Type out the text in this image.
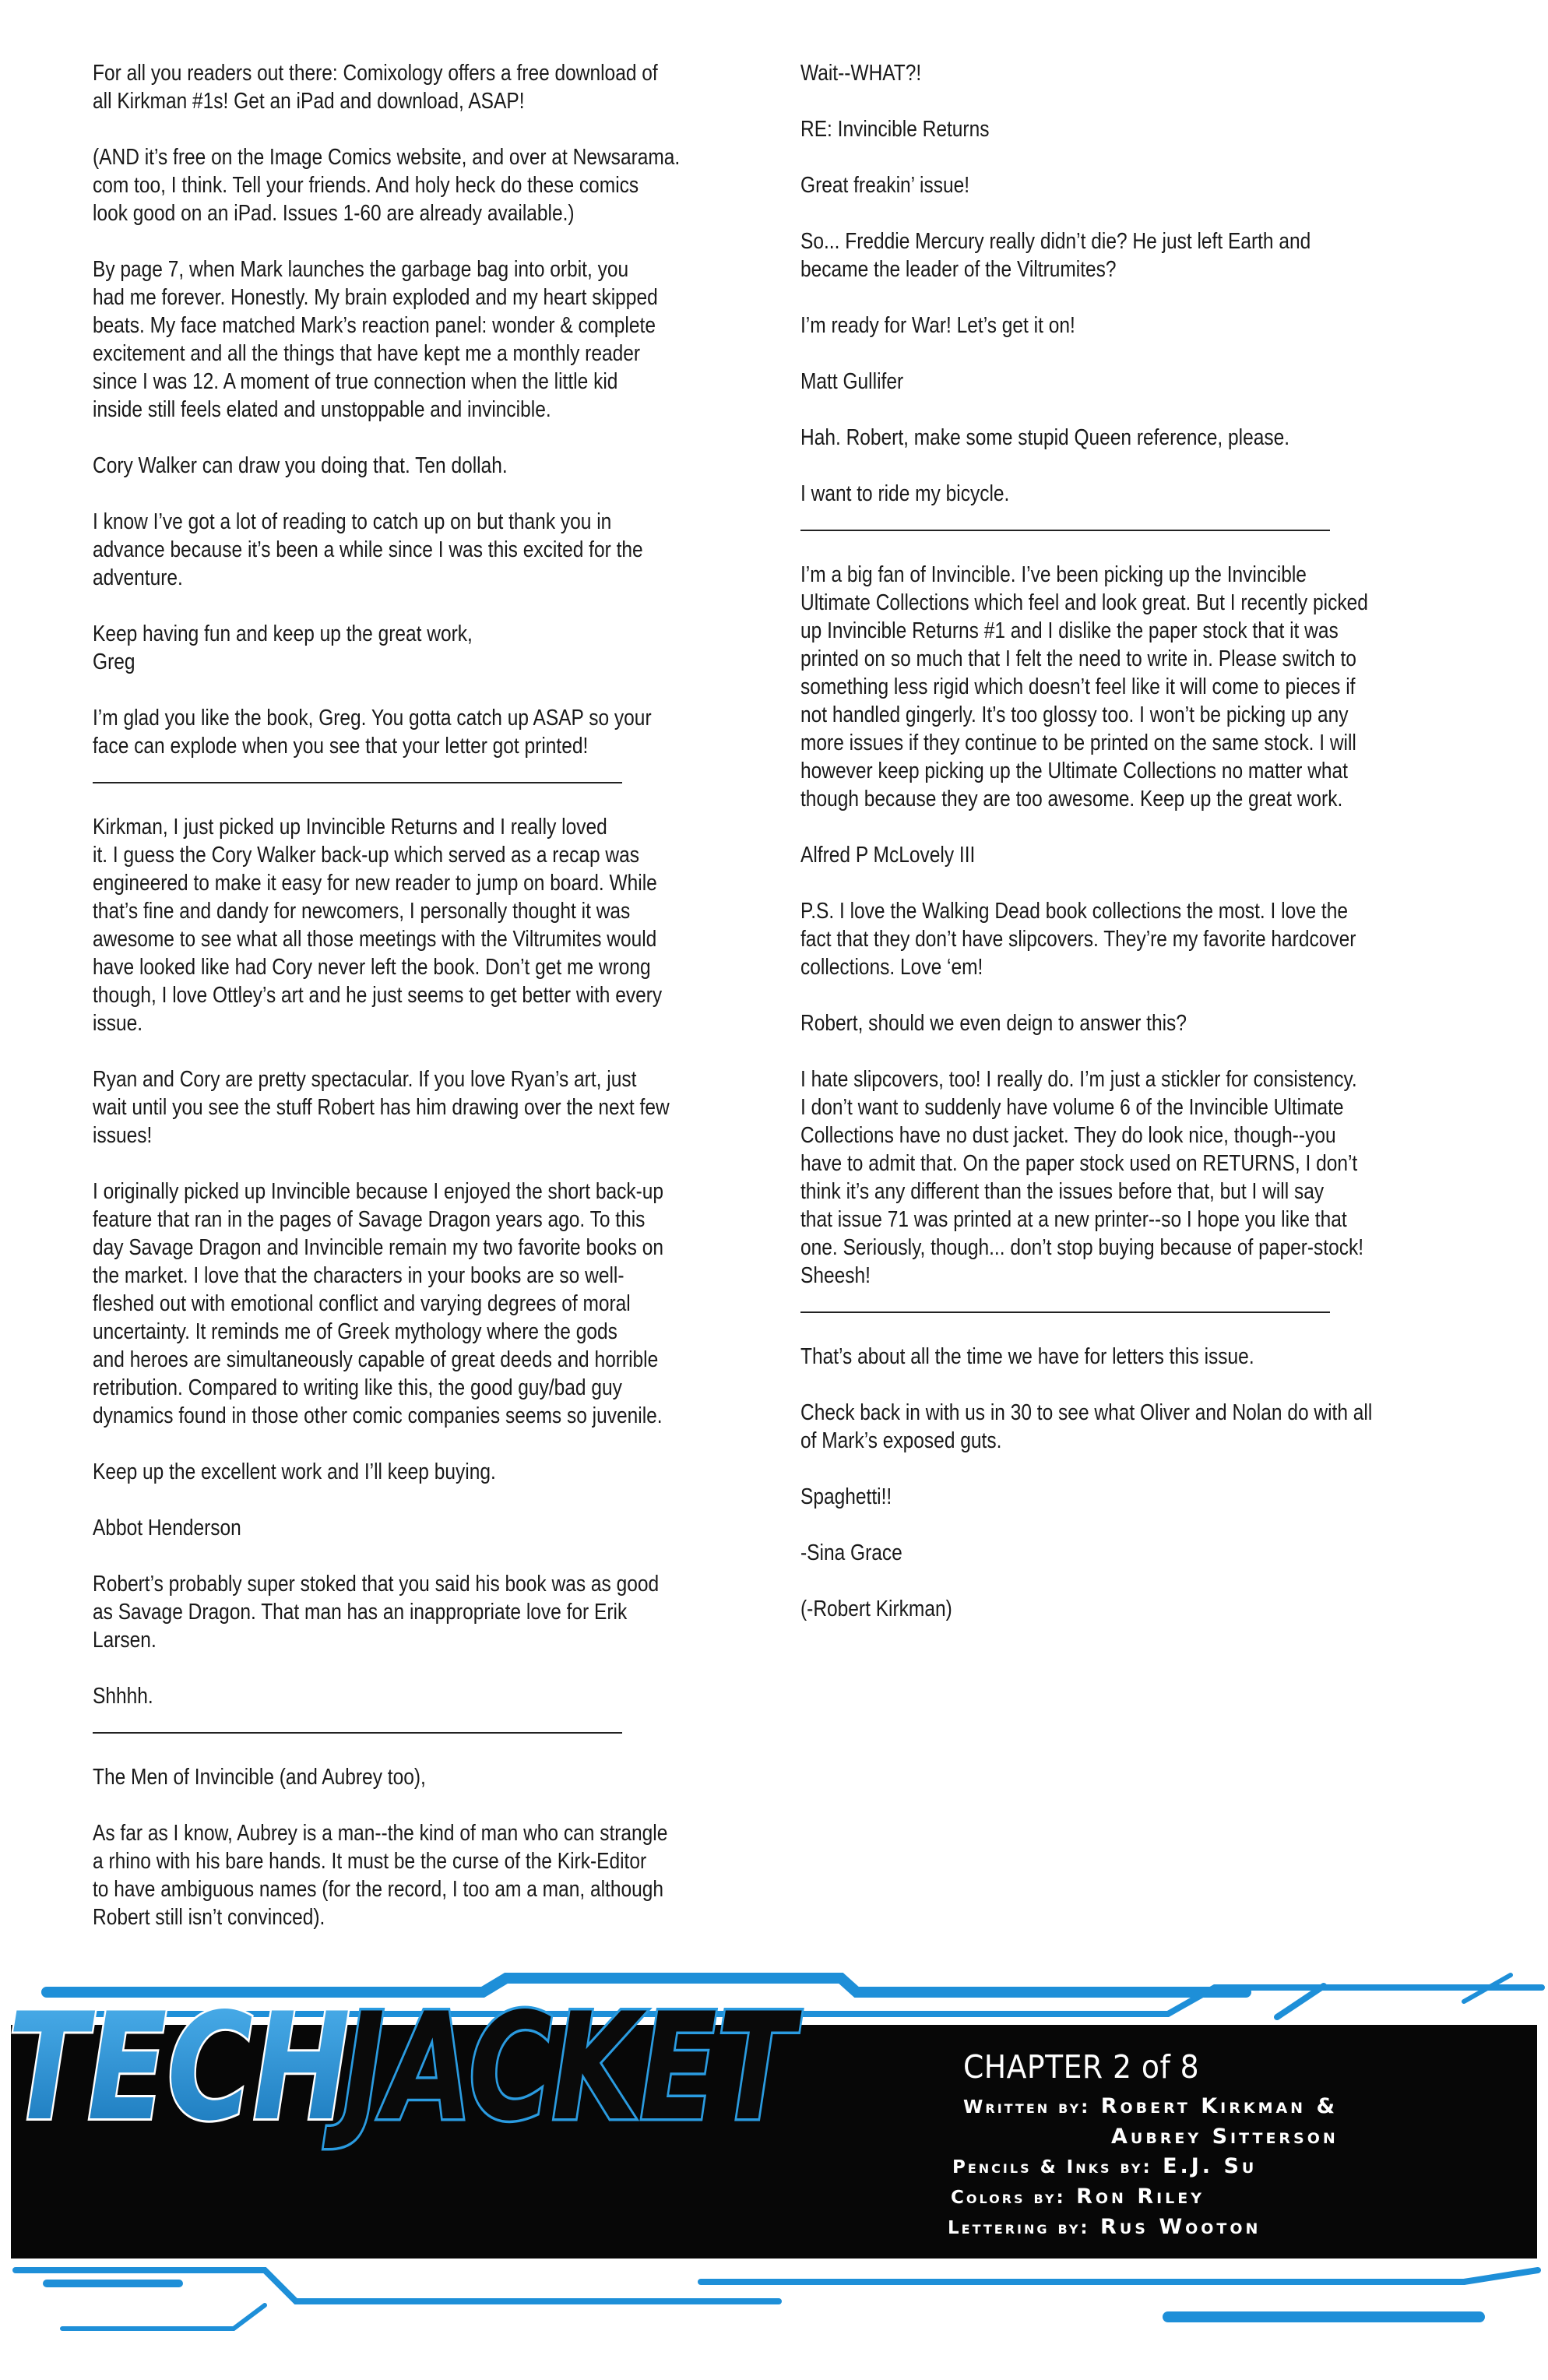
For all you readers out there: Comixology offers a free download of
all Kirkman #1s! Get an iPad and download, ASAP!

(AND it’s free on the Image Comics website, and over at Newsarama.
com too, I think. Tell your friends. And holy heck do these comics
look good on an iPad. Issues 1-60 are already available.)

By page 7, when Mark launches the garbage bag into orbit, you
had me forever. Honestly. My brain exploded and my heart skipped
beats. My face matched Mark’s reaction panel: wonder & complete
excitement and all the things that have kept me a monthly reader
since I was 12. A moment of true connection when the little kid
inside still feels elated and unstoppable and invincible.

Cory Walker can draw you doing that. Ten dollah.

I know I’ve got a lot of reading to catch up on but thank you in
advance because it’s been a while since I was this excited for the
adventure.

Keep having fun and keep up the great work,
Greg

I’m glad you like the book, Greg. You gotta catch up ASAP so your
face can explode when you see that your letter got printed!

Kirkman, I just picked up Invincible Returns and I really loved
it. I guess the Cory Walker back-up which served as a recap was
engineered to make it easy for new reader to jump on board. While
that’s fine and dandy for newcomers, I personally thought it was
awesome to see what all those meetings with the Viltrumites would
have looked like had Cory never left the book. Don’t get me wrong
though, I love Ottley’s art and he just seems to get better with every
issue.

Ryan and Cory are pretty spectacular. If you love Ryan’s art, just
wait until you see the stuff Robert has him drawing over the next few
issues!

I originally picked up Invincible because I enjoyed the short back-up
feature that ran in the pages of Savage Dragon years ago. To this
day Savage Dragon and Invincible remain my two favorite books on
the market. I love that the characters in your books are so well-
fleshed out with emotional conflict and varying degrees of moral
uncertainty. It reminds me of Greek mythology where the gods
and heroes are simultaneously capable of great deeds and horrible
retribution. Compared to writing like this, the good guy/bad guy
dynamics found in those other comic companies seems so juvenile.

Keep up the excellent work and I’ll keep buying.

Abbot Henderson

Robert’s probably super stoked that you said his book was as good
as Savage Dragon. That man has an inappropriate love for Erik
Larsen.

Shhhh.

The Men of Invincible (and Aubrey too),

As far as I know, Aubrey is a man--the kind of man who can strangle
a rhino with his bare hands. It must be the curse of the Kirk-Editor
to have ambiguous names (for the record, I too am a man, although
Robert still isn’t convinced).

Wait--WHAT?!

RE: Invincible Returns

Great freakin’ issue!

So... Freddie Mercury really didn’t die? He just left Earth and
became the leader of the Viltrumites?

I’m ready for War! Let’s get it on!

Matt Gullifer

Hah. Robert, make some stupid Queen reference, please.

I want to ride my bicycle.

I’m a big fan of Invincible. I’ve been picking up the Invincible
Ultimate Collections which feel and look great. But I recently picked
up Invincible Returns #1 and I dislike the paper stock that it was
printed on so much that I felt the need to write in. Please switch to
something less rigid which doesn’t feel like it will come to pieces if
not handled gingerly. It’s too glossy too. I won’t be picking up any
more issues if they continue to be printed on the same stock. I will
however keep picking up the Ultimate Collections no matter what
though because they are too awesome. Keep up the great work.

Alfred P McLovely III

P.S. I love the Walking Dead book collections the most. I love the
fact that they don’t have slipcovers. They’re my favorite hardcover
collections. Love ‘em!

Robert, should we even deign to answer this?

I hate slipcovers, too! I really do. I’m just a stickler for consistency.
I don’t want to suddenly have volume 6 of the Invincible Ultimate
Collections have no dust jacket. They do look nice, though--you
have to admit that. On the paper stock used on RETURNS, I don’t
think it’s any different than the issues before that, but I will say
that issue 71 was printed at a new printer--so I hope you like that
one. Seriously, though... don’t stop buying because of paper-stock!
Sheesh!

That’s about all the time we have for letters this issue.

Check back in with us in 30 to see what Oliver and Nolan do with all
of Mark’s exposed guts.

Spaghetti!!

-Sina Grace

(-Robert Kirkman)

TECH
JACKET	CHAPTER 2 of 8
Written by: Robert Kirkman &
Aubrey Sitterson
Pencils & Inks by: E.J. Su
Colors by: Ron Riley
Lettering by: Rus Wooton
